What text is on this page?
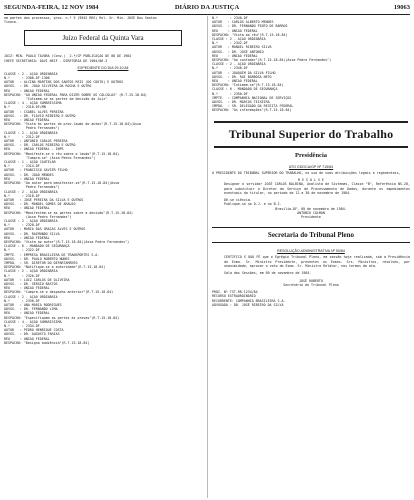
SEGUNDA-FEIRA, 12 NOV 1984	DIÁRIO DA JUSTIÇA	19063
em partes dos processos, proc. n.º 5 (9942 RRS) Rel. Sr. Min. JOSÉ Dos Santos
Tinoco.
Juízo Federal da Quinta Vara
JUIZ: MIN. PAULO TÁVORA (Conv.)  2.ª/CP PUBLICAÇÃO DE 08 DE 1984
CHEFE SECRETARIA: DAVI NEIF - DIRETORIA DE 1984/86.3
EXPEDIENTE DO DIA 29.10.84
CLASSE : 2 - AÇÃO ORDINÁRIA
N.º      : 2306-DF 1306
AUTOR   : ALCINA MARTINS DOS SANTOS REIS (DO COUTO) E OUTROS
ADVGS.  : DR. JOÃO SILVEIRA DA ROCHA E OUTRO
RÉU     : UNIÃO FEDERAL
DESPACHO: "AO UNIÃO FEDERAL PARA DIZER SOBRE OS CÁLCULOS" (R.T.15.18.84)
"Intimem-se as partes da decisão do Juiz"
CLASSE : 4 - AÇÃO SUMARÍSSIMA
N.º      : 2310-DF/MN
AUTOR   : ISABEL ALVES PEREIRA
ADVGS.  : DR. FLÁVIO RIBEIRO E OUTRO
RÉU     : UNIÃO FEDERAL
DESPACHO: "Vista às partes do prov-laudo do autos"(R.T.15.18.84)(Assa
Pedro Fernandes")
CLASSE : 2 - AÇÃO ORDINÁRIA
N.º      : 2312-DF
AUTOR   : ANTÔNIO CARLOS PEREIRA
ADVGS.  : DR. CARLOS RIBEIRO E OUTRO
RÉU     : UNIÃO FEDERAL - INPS
DESPACHO: "Manifeste-se o réu sobre o laudo"(R.T.15.18.84)
"Cumpra-se" (Assa Pedro Fernandes")
CLASSE : 1 - AÇÃO CAUTELAR
N.º      : 2314-DF
AUTOR   : FRANCISCO XAVIER FILHO
ADVGS.  : DR. JOÃO MENDES
RÉU     : UNIÃO FEDERAL
DESPACHO: "Ao autor para manifestar-se"(R.T.15.18.84)(Assa
Pedro Fernandes")
CLASSE : 2 - AÇÃO ORDINÁRIA
N.º      : 2318-DF
AUTOR   : JOSÉ PEREIRA DA SILVA E OUTROS
ADVGS.  : DR. MANOEL GOMES DE ARAÚJO
RÉU     : UNIÃO FEDERAL
DESPACHO: "Manifestem-se as partes sobre a decisão"(R.T.15.18.84)
(Assa Pedro Fernandes")
CLASSE : 2 - AÇÃO ORDINÁRIA
N.º      : 2320-DF
AUTOR   : MARIA DAS GRAÇAS ALVES E OUTROS
ADVGS.  : DR. RAIMUNDO SILVA
RÉU     : UNIÃO FEDERAL
DESPACHO: "Vista ao autor"(R.T.15.18.84)(Assa Pedro Fernandes")
CLASSE : 6 - MANDADO DE SEGURANÇA
N.º      : 2322-DF
IMPTE.  : EMPRESA BRASILEIRA DE TRANSPORTES S.A.
ADVGS.  : DR. PAULO ROBERTO NUNES
IMPDO.  : SR. DIRETOR DO DEPARTAMENTO
DESPACHO: "Notifique-se a autoridade"(R.T.15.18.84)
CLASSE : 2 - AÇÃO ORDINÁRIA
N.º      : 2326-DF
AUTOR   : LUIZ CARLOS DE OLIVEIRA
ADVGS.  : DR. SÉRGIO BASTOS
RÉU     : UNIÃO FEDERAL
DESPACHO: "Cumpra-se o despacho anterior"(R.T.15.18.84)
CLASSE : 2 - AÇÃO ORDINÁRIA
N.º      : 2330-DF
AUTOR   : ANA MARIA RODRIGUES
ADVGS.  : DR. FERNANDO LIMA
RÉU     : UNIÃO FEDERAL
DESPACHO: "Especifiquem as partes as provas"(R.T.15.18.84)
CLASSE : 4 - AÇÃO SUMARÍSSIMA
N.º      : 2334-DF
AUTOR   : PEDRO HENRIQUE COSTA
ADVGS.  : DR. AUGUSTO FARIAS
RÉU     : UNIÃO FEDERAL
DESPACHO: "Designo audiência"(R.T.15.18.84)
N.º      : 2340-DF
AUTOR   : CARLOS ALBERTO MENDES
ADVGS.  : DR. FERNANDO PINTO DE BARROS
RÉU     : UNIÃO FEDERAL
DESPACHO: "Vista ao réu"(R.T.15.18.84)
CLASSE : 2 - AÇÃO ORDINÁRIA
N.º      : 2342-DF
AUTOR   : MANOEL RIBEIRO SILVA
ADVGS.  : DR. JOSÉ ANTÔNIO
RÉU     : UNIÃO FEDERAL
DESPACHO: "Ao contador"(R.T.15.18.84)(Assa Pedro Fernandes")
CLASSE : 2 - AÇÃO ORDINÁRIA
N.º      : 2346-DF
AUTOR   : JOAQUIM DA SILVA FILHO
ADVGS.  : DR. RUI BARBOSA NETO
RÉU     : UNIÃO FEDERAL
DESPACHO: "Intimem-se"(R.T.15.18.84)
CLASSE : 6 - MANDADO DE SEGURANÇA
N.º      : 2350-DF
IMPTE.  : COMPANHIA NACIONAL DE SERVIÇOS
ADVGS.  : DR. MARCOS TEIXEIRA
IMPDO.  : SR. DELEGADO DA RECEITA FEDERAL
DESPACHO: "Às informações"(R.T.15.18.84)
Tribunal Superior do Trabalho
Presidência
ATO GDGCA/GP Nº 715/84

O PRESIDENTE DO TRIBUNAL SUPERIOR DO TRABALHO, no uso de suas atribuições legais e regimentais,

R E S O L V E

Designar o servidor JOSÉ CARLOS BALBINO, Analista de Sistemas, Classe "B", Referência NS-20, para substituir o Diretor do Serviço de Processamento de Dados, durante os impedimentos eventuais do titular, no período de 12 a 30 de novembro de 1984.

Dê-se ciência.
Publique-se no D.J. e no B.I.
Brasília-DF, 09 de novembro de 1984.
ANTÔNIO COLMAN
Presidente
Secretaria do Tribunal Pleno
RESOLUÇÃO ADMINISTRATIVA Nº 50/84

CERTIFICO E DOU FÉ que o Egrégio Tribunal Pleno, em sessão hoje realizada, sob a Presidência do Exmo. Sr. Ministro Presidente, presentes os Exmos. Srs. Ministros, resolveu, por unanimidade, aprovar o voto do Exmo. Sr. Ministro Relator, nos termos da ata.

Sala das Sessões, em 09 de novembro de 1984.

JOSÉ ROBERTO
Secretário do Tribunal Pleno
PROC. Nº TST-RR-1234/84
RECURSO EXTRAORDINÁRIO
RECORRENTE: COMPANHIA BRASILEIRA S.A.
ADVOGADO : DR. JOSÉ RIBEIRO DA SILVA
